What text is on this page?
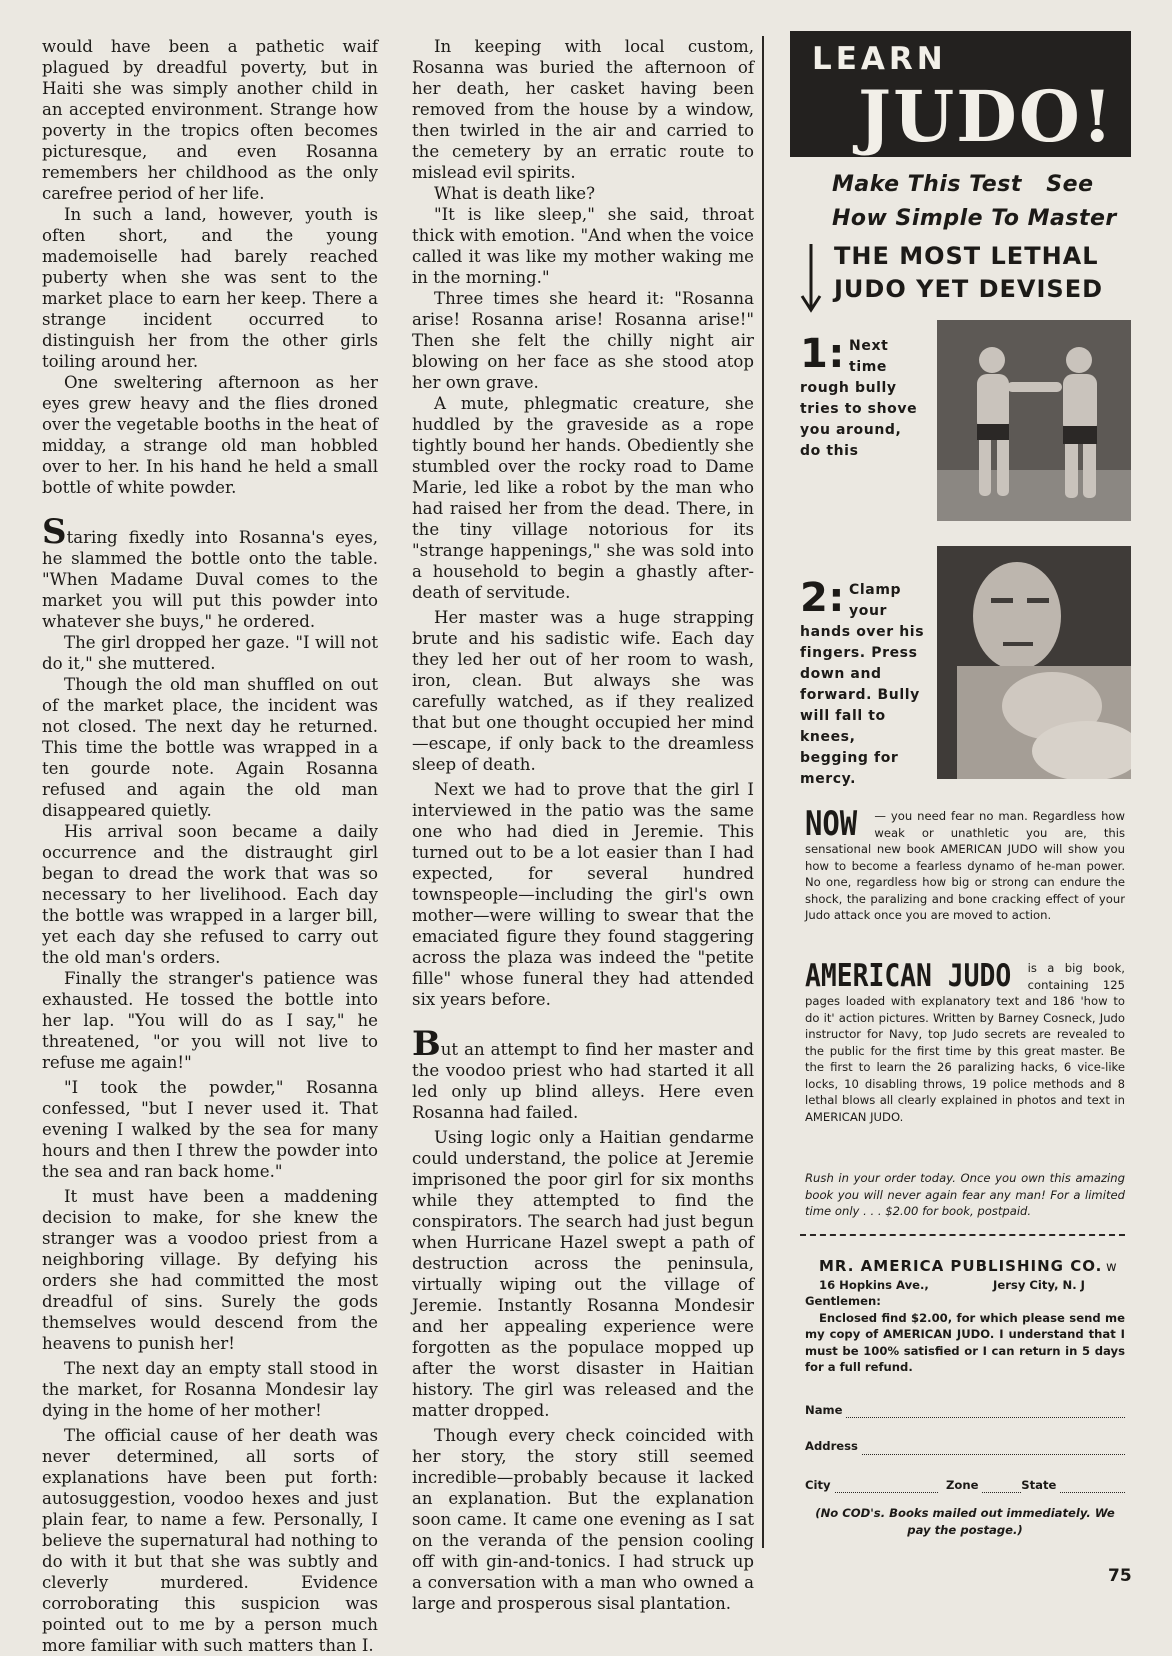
would have been a pathetic waif plagued by dreadful poverty, but in Haiti she was simply another child in an accepted environment. Strange how poverty in the tropics often becomes picturesque, and even Rosanna remembers her childhood as the only carefree period of her life.

In such a land, however, youth is often short, and the young mademoiselle had barely reached puberty when she was sent to the market place to earn her keep. There a strange incident occurred to distinguish her from the other girls toiling around her.

One sweltering afternoon as her eyes grew heavy and the flies droned over the vegetable booths in the heat of midday, a strange old man hobbled over to her. In his hand he held a small bottle of white powder.

Staring fixedly into Rosanna's eyes, he slammed the bottle onto the table. "When Madame Duval comes to the market you will put this powder into whatever she buys," he ordered.

The girl dropped her gaze. "I will not do it," she muttered.

Though the old man shuffled on out of the market place, the incident was not closed. The next day he returned. This time the bottle was wrapped in a ten gourde note. Again Rosanna refused and again the old man disappeared quietly.

His arrival soon became a daily occurrence and the distraught girl began to dread the work that was so necessary to her livelihood. Each day the bottle was wrapped in a larger bill, yet each day she refused to carry out the old man's orders.

Finally the stranger's patience was exhausted. He tossed the bottle into her lap. "You will do as I say," he threatened, "or you will not live to refuse me again!"

"I took the powder," Rosanna confessed, "but I never used it. That evening I walked by the sea for many hours and then I threw the powder into the sea and ran back home."

It must have been a maddening decision to make, for she knew the stranger was a voodoo priest from a neighboring village. By defying his orders she had committed the most dreadful of sins. Surely the gods themselves would descend from the heavens to punish her!

The next day an empty stall stood in the market, for Rosanna Mondesir lay dying in the home of her mother!

The official cause of her death was never determined, all sorts of explanations have been put forth: autosuggestion, voodoo hexes and just plain fear, to name a few. Personally, I believe the supernatural had nothing to do with it but that she was subtly and cleverly murdered. Evidence corroborating this suspicion was pointed out to me by a person much more familiar with such matters than I.

In keeping with local custom, Rosanna was buried the afternoon of her death, her casket having been removed from the house by a window, then twirled in the air and carried to the cemetery by an erratic route to mislead evil spirits.

What is death like?

"It is like sleep," she said, throat thick with emotion. "And when the voice called it was like my mother waking me in the morning."

Three times she heard it: "Rosanna arise! Rosanna arise! Rosanna arise!" Then she felt the chilly night air blowing on her face as she stood atop her own grave.

A mute, phlegmatic creature, she huddled by the graveside as a rope tightly bound her hands. Obediently she stumbled over the rocky road to Dame Marie, led like a robot by the man who had raised her from the dead. There, in the tiny village notorious for its "strange happenings," she was sold into a household to begin a ghastly after-death of servitude.

Her master was a huge strapping brute and his sadistic wife. Each day they led her out of her room to wash, iron, clean. But always she was carefully watched, as if they realized that but one thought occupied her mind—escape, if only back to the dreamless sleep of death.

Next we had to prove that the girl I interviewed in the patio was the same one who had died in Jeremie. This turned out to be a lot easier than I had expected, for several hundred townspeople—including the girl's own mother—were willing to swear that the emaciated figure they found staggering across the plaza was indeed the "petite fille" whose funeral they had attended six years before.

But an attempt to find her master and the voodoo priest who had started it all led only up blind alleys. Here even Rosanna had failed.

Using logic only a Haitian gendarme could understand, the police at Jeremie imprisoned the poor girl for six months while they attempted to find the conspirators. The search had just begun when Hurricane Hazel swept a path of destruction across the peninsula, virtually wiping out the village of Jeremie. Instantly Rosanna Mondesir and her appealing experience were forgotten as the populace mopped up after the worst disaster in Haitian history. The girl was released and the matter dropped.

Though every check coincided with her story, the story still seemed incredible—probably because it lacked an explanation. But the explanation soon came. It came one evening as I sat on the veranda of the pension cooling off with gin-and-tonics. I had struck up a conversation with a man who owned a large and prosperous sisal plantation.

LEARN
JUDO!
Make This Test   See
How Simple To Master
THE MOST LETHAL
JUDO YET DEVISED
1: Next time rough bully tries to shove you around, do this
2: Clamp your hands over his fingers. Press down and forward. Bully will fall to knees, begging for mercy.
NOW — you need fear no man. Regardless how weak or unathletic you are, this sensational new book AMERICAN JUDO will show you how to become a fearless dynamo of he-man power. No one, regardless how big or strong can endure the shock, the paralizing and bone cracking effect of your Judo attack once you are moved to action.
AMERICAN JUDO is a big book, containing 125 pages loaded with explanatory text and 186 'how to do it' action pictures. Written by Barney Cosneck, Judo instructor for Navy, top Judo secrets are revealed to the public for the first time by this great master. Be the first to learn the 26 paralizing hacks, 6 vice-like locks, 10 disabling throws, 19 police methods and 8 lethal blows all clearly explained in photos and text in AMERICAN JUDO.
Rush in your order today. Once you own this amazing book you will never again fear any man! For a limited time only . . . $2.00 for book, postpaid.
MR. AMERICA PUBLISHING CO. w
16 Hopkins Ave.,	Jersy City, N. J
Gentlemen:
Enclosed find $2.00, for which please send me my copy of AMERICAN JUDO. I understand that I must be 100% satisfied or I can return in 5 days for a full refund.
Name
Address
City	Zone	State
(No COD's. Books mailed out immediately. We pay the postage.)
75
